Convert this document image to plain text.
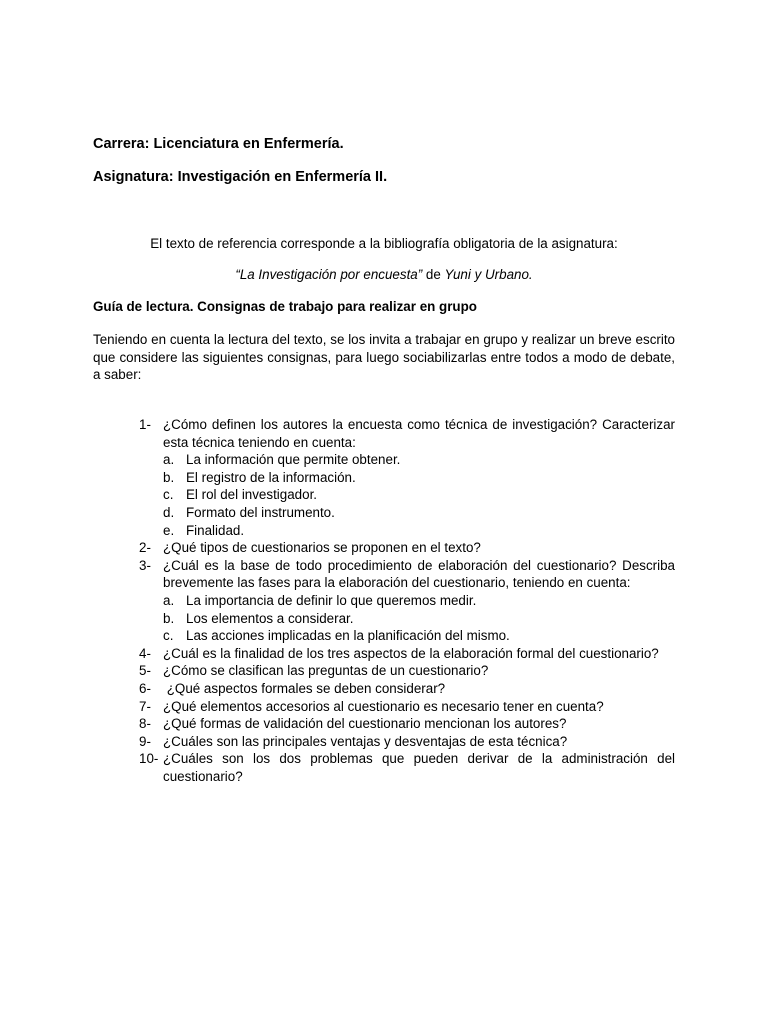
Carrera: Licenciatura en Enfermería.
Asignatura: Investigación en Enfermería II.
El texto de referencia corresponde a la bibliografía obligatoria de la asignatura:
“La Investigación por encuesta” de Yuni y Urbano.
Guía de lectura. Consignas de trabajo para realizar en grupo
Teniendo en cuenta la lectura del texto, se los invita a trabajar en grupo y realizar un breve escrito que considere las siguientes consignas, para luego sociabilizarlas entre todos a modo de debate, a saber:
1- ¿Cómo definen los autores la encuesta como técnica de investigación? Caracterizar esta técnica teniendo en cuenta:
a. La información que permite obtener.
b. El registro de la información.
c. El rol del investigador.
d. Formato del instrumento.
e. Finalidad.
2- ¿Qué tipos de cuestionarios se proponen en el texto?
3- ¿Cuál es la base de todo procedimiento de elaboración del cuestionario? Describa brevemente las fases para la elaboración del cuestionario, teniendo en cuenta:
a. La importancia de definir lo que queremos medir.
b. Los elementos a considerar.
c. Las acciones implicadas en la planificación del mismo.
4- ¿Cuál es la finalidad de los tres aspectos de la elaboración formal del cuestionario?
5- ¿Cómo se clasifican las preguntas de un cuestionario?
6- ¿Qué aspectos formales se deben considerar?
7- ¿Qué elementos accesorios al cuestionario es necesario tener en cuenta?
8- ¿Qué formas de validación del cuestionario mencionan los autores?
9- ¿Cuáles son las principales ventajas y desventajas de esta técnica?
10- ¿Cuáles son los dos problemas que pueden derivar de la administración del cuestionario?
